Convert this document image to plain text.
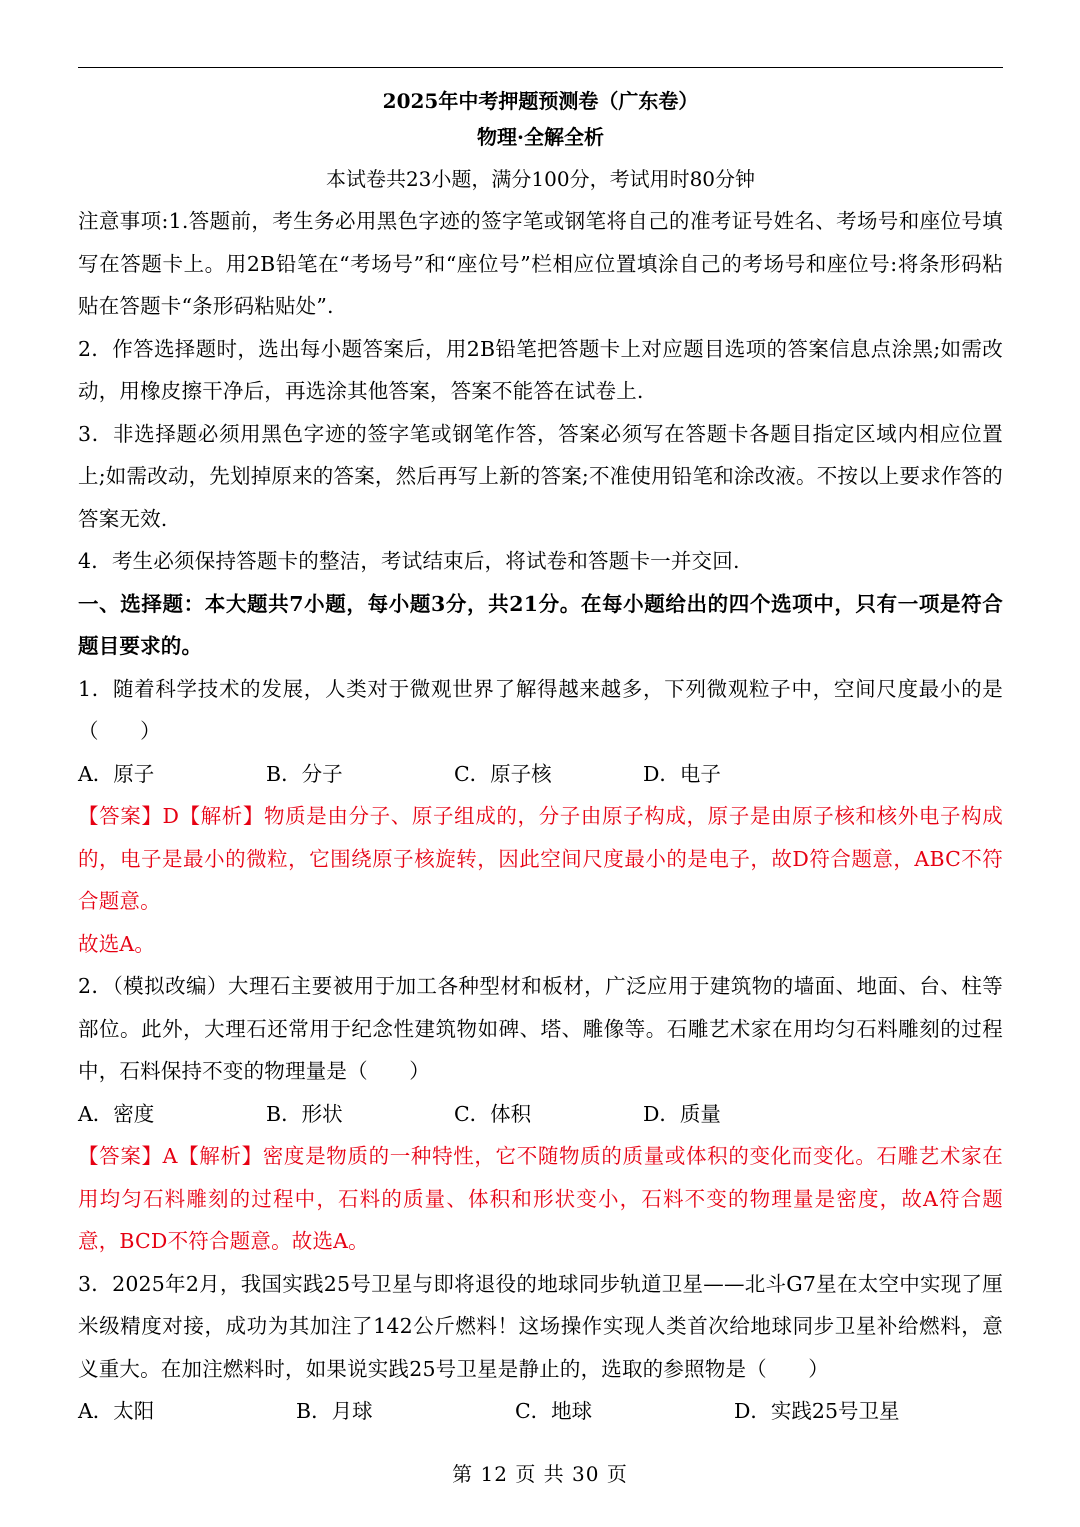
2025年中考押题预测卷（广东卷）
物理·全解全析
本试卷共23小题，满分100分，考试用时80分钟
注意事项:1.答题前，考生务必用黑色字迹的签字笔或钢笔将自己的准考证号姓名、考场号和座位号填写在答题卡上。用2B铅笔在“考场号”和“座位号”栏相应位置填涂自己的考场号和座位号:将条形码粘贴在答题卡“条形码粘贴处”.
2．作答选择题时，选出每小题答案后，用2B铅笔把答题卡上对应题目选项的答案信息点涂黑;如需改动，用橡皮擦干净后，再选涂其他答案，答案不能答在试卷上.
3．非选择题必须用黑色字迹的签字笔或钢笔作答，答案必须写在答题卡各题目指定区域内相应位置上;如需改动，先划掉原来的答案，然后再写上新的答案;不准使用铅笔和涂改液。不按以上要求作答的答案无效.
4．考生必须保持答题卡的整洁，考试结束后，将试卷和答题卡一并交回.
一、选择题：本大题共7小题，每小题3分，共21分。在每小题给出的四个选项中，只有一项是符合题目要求的。
1．随着科学技术的发展，人类对于微观世界了解得越来越多，下列微观粒子中，空间尺度最小的是（　　）
A．原子	B．分子	C．原子核	D．电子
【答案】D【解析】物质是由分子、原子组成的，分子由原子构成，原子是由原子核和核外电子构成的，电子是最小的微粒，它围绕原子核旋转，因此空间尺度最小的是电子，故D符合题意，ABC不符合题意。
故选A。
2．（模拟改编）大理石主要被用于加工各种型材和板材，广泛应用于建筑物的墙面、地面、台、柱等部位。此外，大理石还常用于纪念性建筑物如碑、塔、雕像等。石雕艺术家在用均匀石料雕刻的过程中，石料保持不变的物理量是（　　）
A．密度	B．形状	C．体积	D．质量
【答案】A【解析】密度是物质的一种特性，它不随物质的质量或体积的变化而变化。石雕艺术家在用均匀石料雕刻的过程中，石料的质量、体积和形状变小，石料不变的物理量是密度，故A符合题意，BCD不符合题意。故选A。
3．2025年2月，我国实践25号卫星与即将退役的地球同步轨道卫星——北斗G7星在太空中实现了厘米级精度对接，成功为其加注了142公斤燃料！这场操作实现人类首次给地球同步卫星补给燃料，意义重大。在加注燃料时，如果说实践25号卫星是静止的，选取的参照物是（　　）
A．太阳	B．月球	C．地球	D．实践25号卫星
第 12 页 共 30 页
